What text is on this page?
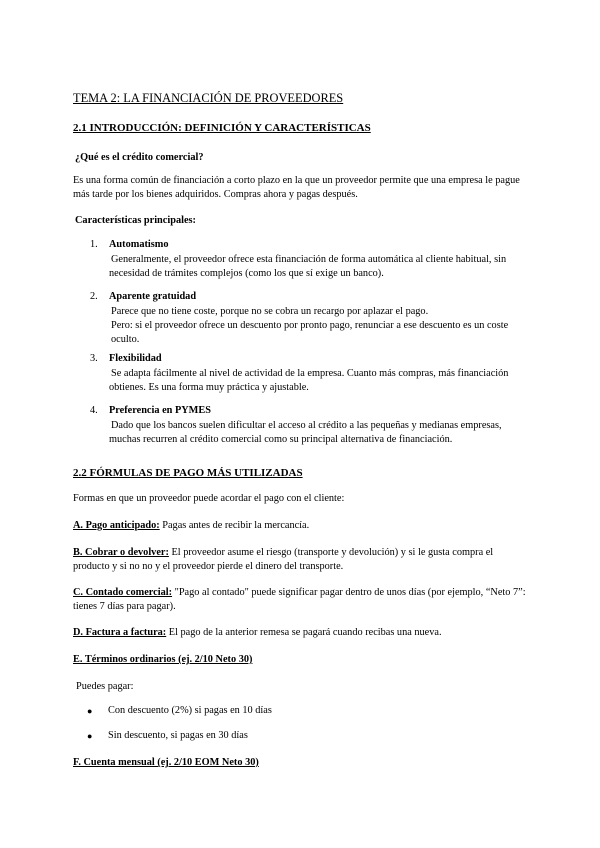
TEMA 2: LA FINANCIACIÓN DE PROVEEDORES
2.1 INTRODUCCIÓN: DEFINICIÓN Y CARACTERÍSTICAS
¿Qué es el crédito comercial?
Es una forma común de financiación a corto plazo en la que un proveedor permite que una empresa le pague más tarde por los bienes adquiridos. Compras ahora y pagas después.
Características principales:
1. Automatismo
Generalmente, el proveedor ofrece esta financiación de forma automática al cliente habitual, sin necesidad de trámites complejos (como los que sí exige un banco).
2. Aparente gratuidad
Parece que no tiene coste, porque no se cobra un recargo por aplazar el pago.
Pero: si el proveedor ofrece un descuento por pronto pago, renunciar a ese descuento es un coste oculto.
3. Flexibilidad
Se adapta fácilmente al nivel de actividad de la empresa. Cuanto más compras, más financiación obtienes. Es una forma muy práctica y ajustable.
4. Preferencia en PYMES
Dado que los bancos suelen dificultar el acceso al crédito a las pequeñas y medianas empresas, muchas recurren al crédito comercial como su principal alternativa de financiación.
2.2 FÓRMULAS DE PAGO MÁS UTILIZADAS
Formas en que un proveedor puede acordar el pago con el cliente:
A. Pago anticipado: Pagas antes de recibir la mercancía.
B. Cobrar o devolver: El proveedor asume el riesgo (transporte y devolución) y si le gusta compra el producto y si no no y el proveedor pierde el dinero del transporte.
C. Contado comercial: "Pago al contado" puede significar pagar dentro de unos días (por ejemplo, “Neto 7”: tienes 7 días para pagar).
D. Factura a factura: El pago de la anterior remesa se pagará cuando recibas una nueva.
E. Términos ordinarios (ej. 2/10 Neto 30)
Puedes pagar:
● Con descuento (2%) si pagas en 10 días
● Sin descuento, si pagas en 30 días
F. Cuenta mensual (ej. 2/10 EOM Neto 30)
